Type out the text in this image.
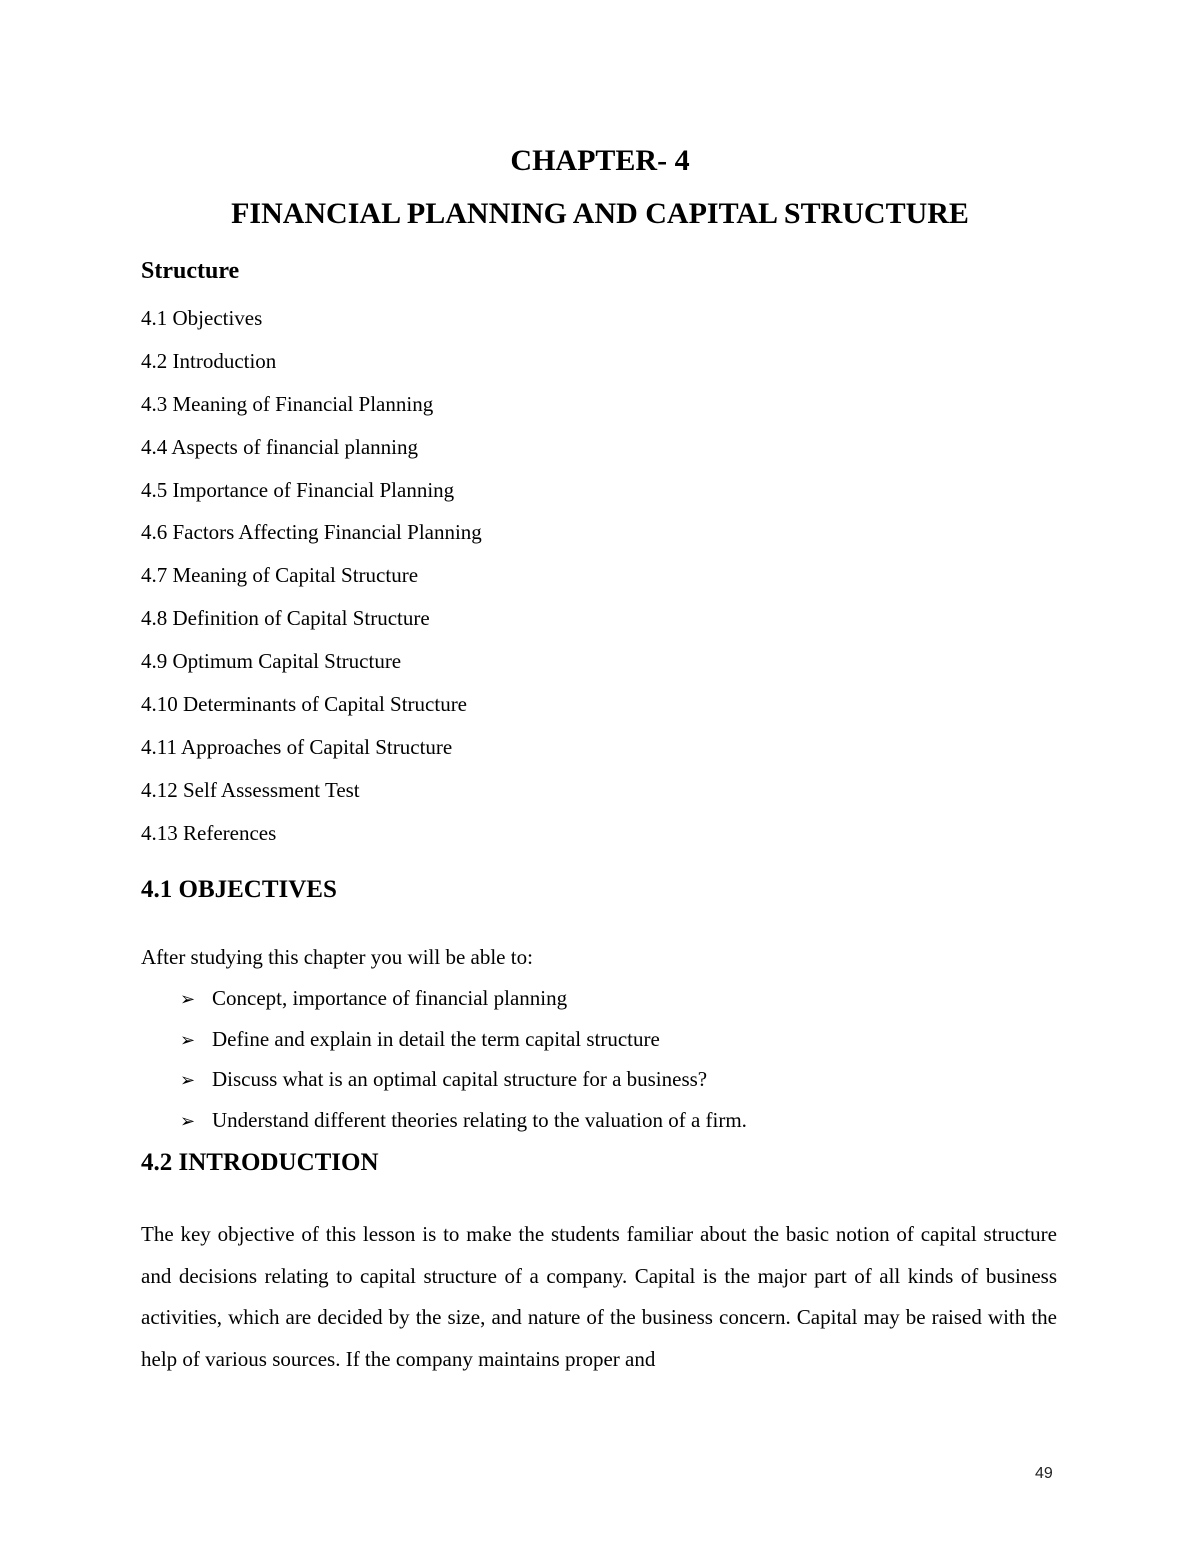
CHAPTER- 4
FINANCIAL PLANNING AND CAPITAL STRUCTURE
Structure
4.1 Objectives
4.2 Introduction
4.3 Meaning of Financial Planning
4.4 Aspects of financial planning
4.5 Importance of Financial Planning
4.6 Factors Affecting Financial Planning
4.7 Meaning of Capital Structure
4.8 Definition of Capital Structure
4.9 Optimum Capital Structure
4.10 Determinants of Capital Structure
4.11 Approaches of Capital Structure
4.12 Self Assessment Test
4.13 References
4.1 OBJECTIVES
After studying this chapter you will be able to:
➢ Concept, importance of financial planning
➢ Define and explain in detail the term capital structure
➢ Discuss what is an optimal capital structure for a business?
➢ Understand different theories relating to the valuation of a firm.
4.2 INTRODUCTION

The key objective of this lesson is to make the students familiar about the basic notion of capital structure and decisions relating to capital structure of a company. Capital is the major part of all kinds of business activities, which are decided by the size, and nature of the business concern. Capital may be raised with the help of various sources. If the company maintains proper and

49
